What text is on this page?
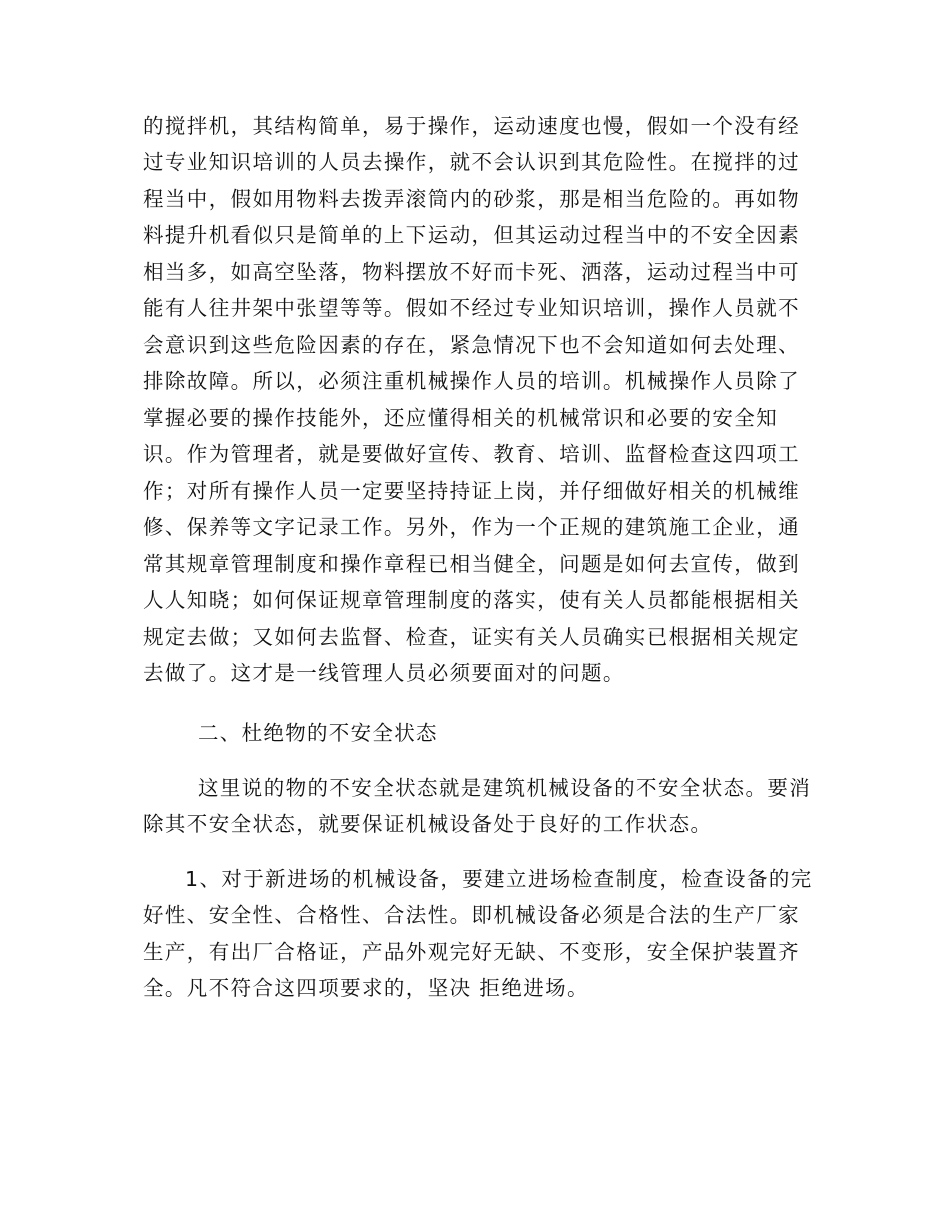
的搅拌机，其结构简单，易于操作，运动速度也慢，假如一个没有经
过专业知识培训的人员去操作，就不会认识到其危险性。在搅拌的过
程当中，假如用物料去拨弄滚筒内的砂浆，那是相当危险的。再如物
料提升机看似只是简单的上下运动，但其运动过程当中的不安全因素
相当多，如高空坠落，物料摆放不好而卡死、洒落，运动过程当中可
能有人往井架中张望等等。假如不经过专业知识培训，操作人员就不
会意识到这些危险因素的存在，紧急情况下也不会知道如何去处理、
排除故障。所以，必须注重机械操作人员的培训。机械操作人员除了
掌握必要的操作技能外，还应懂得相关的机械常识和必要的安全知
识。作为管理者，就是要做好宣传、教育、培训、监督检查这四项工
作；对所有操作人员一定要坚持持证上岗，并仔细做好相关的机械维
修、保养等文字记录工作。另外，作为一个正规的建筑施工企业，通
常其规章管理制度和操作章程已相当健全，问题是如何去宣传，做到
人人知晓；如何保证规章管理制度的落实，使有关人员都能根据相关
规定去做；又如何去监督、检查，证实有关人员确实已根据相关规定
去做了。这才是一线管理人员必须要面对的问题。
二、杜绝物的不安全状态
这里说的物的不安全状态就是建筑机械设备的不安全状态。要消
除其不安全状态，就要保证机械设备处于良好的工作状态。
1、对于新进场的机械设备，要建立进场检查制度，检查设备的完
好性、安全性、合格性、合法性。即机械设备必须是合法的生产厂家
生产，有出厂合格证，产品外观完好无缺、不变形，安全保护装置齐
全。凡不符合这四项要求的，坚决 拒绝进场。
